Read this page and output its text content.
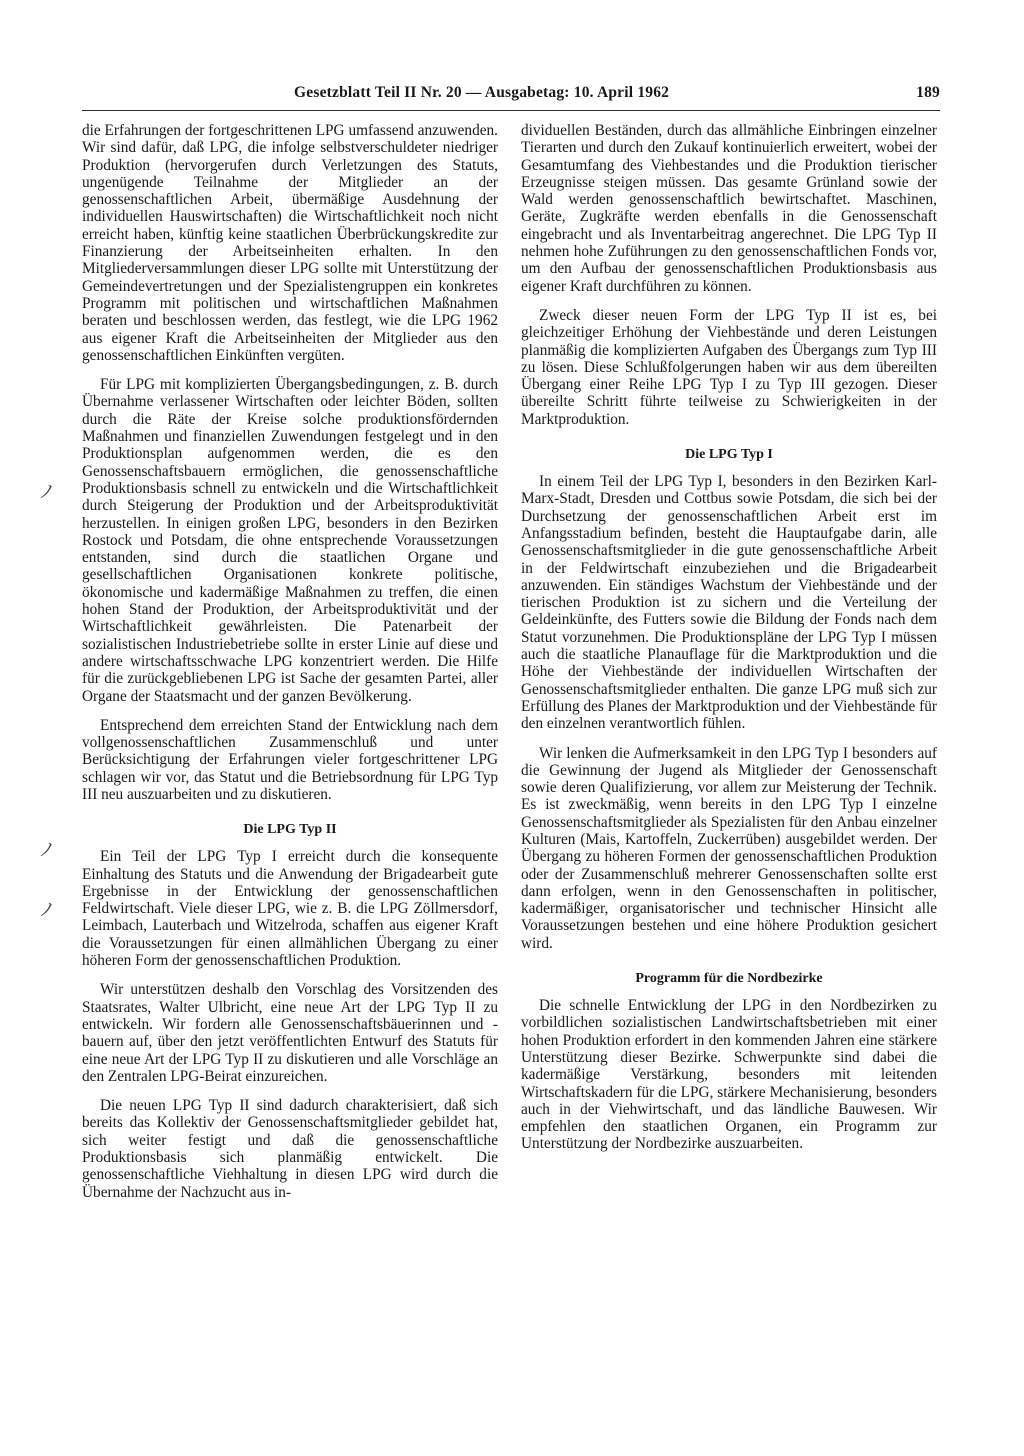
Gesetzblatt Teil II Nr. 20 — Ausgabetag: 10. April 1962	189

die Erfahrungen der fortgeschrittenen LPG umfassend anzuwenden. Wir sind dafür, daß LPG, die infolge selbstverschuldeter niedriger Produktion (hervorgerufen durch Verletzungen des Statuts, ungenügende Teilnahme der Mitglieder an der genossenschaftlichen Arbeit, übermäßige Ausdehnung der individuellen Hauswirtschaften) die Wirtschaftlichkeit noch nicht erreicht haben, künftig keine staatlichen Überbrückungskredite zur Finanzierung der Arbeitseinheiten erhalten. In den Mitgliederversammlungen dieser LPG sollte mit Unterstützung der Gemeindevertretungen und der Spezialistengruppen ein konkretes Programm mit politischen und wirtschaftlichen Maßnahmen beraten und beschlossen werden, das festlegt, wie die LPG 1962 aus eigener Kraft die Arbeitseinheiten der Mitglieder aus den genossenschaftlichen Einkünften vergüten.

Für LPG mit komplizierten Übergangsbedingungen, z. B. durch Übernahme verlassener Wirtschaften oder leichter Böden, sollten durch die Räte der Kreise solche produktionsfördernden Maßnahmen und finanziellen Zuwendungen festgelegt und in den Produktionsplan aufgenommen werden, die es den Genossenschaftsbauern ermöglichen, die genossenschaftliche Produktionsbasis schnell zu entwickeln und die Wirtschaftlichkeit durch Steigerung der Produktion und der Arbeitsproduktivität herzustellen. In einigen großen LPG, besonders in den Bezirken Rostock und Potsdam, die ohne entsprechende Voraussetzungen entstanden, sind durch die staatlichen Organe und gesellschaftlichen Organisationen konkrete politische, ökonomische und kadermäßige Maßnahmen zu treffen, die einen hohen Stand der Produktion, der Arbeitsproduktivität und der Wirtschaftlichkeit gewährleisten. Die Patenarbeit der sozialistischen Industriebetriebe sollte in erster Linie auf diese und andere wirtschaftsschwache LPG konzentriert werden. Die Hilfe für die zurückgebliebenen LPG ist Sache der gesamten Partei, aller Organe der Staatsmacht und der ganzen Bevölkerung.

Entsprechend dem erreichten Stand der Entwicklung nach dem vollgenossenschaftlichen Zusammenschluß und unter Berücksichtigung der Erfahrungen vieler fortgeschrittener LPG schlagen wir vor, das Statut und die Betriebsordnung für LPG Typ III neu auszuarbeiten und zu diskutieren.

Die LPG Typ II

Ein Teil der LPG Typ I erreicht durch die konsequente Einhaltung des Statuts und die Anwendung der Brigadearbeit gute Ergebnisse in der Entwicklung der genossenschaftlichen Feldwirtschaft. Viele dieser LPG, wie z. B. die LPG Zöllmersdorf, Leimbach, Lauterbach und Witzelroda, schaffen aus eigener Kraft die Voraussetzungen für einen allmählichen Übergang zu einer höheren Form der genossenschaftlichen Produktion.

Wir unterstützen deshalb den Vorschlag des Vorsitzenden des Staatsrates, Walter Ulbricht, eine neue Art der LPG Typ II zu entwickeln. Wir fordern alle Genossenschaftsbäuerinnen und -bauern auf, über den jetzt veröffentlichten Entwurf des Statuts für eine neue Art der LPG Typ II zu diskutieren und alle Vorschläge an den Zentralen LPG-Beirat einzureichen.

Die neuen LPG Typ II sind dadurch charakterisiert, daß sich bereits das Kollektiv der Genossenschaftsmitglieder gebildet hat, sich weiter festigt und daß die genossenschaftliche Produktionsbasis sich planmäßig entwickelt. Die genossenschaftliche Viehhaltung in diesen LPG wird durch die Übernahme der Nachzucht aus in-

dividuellen Beständen, durch das allmähliche Einbringen einzelner Tierarten und durch den Zukauf kontinuierlich erweitert, wobei der Gesamtumfang des Viehbestandes und die Produktion tierischer Erzeugnisse steigen müssen. Das gesamte Grünland sowie der Wald werden genossenschaftlich bewirtschaftet. Maschinen, Geräte, Zugkräfte werden ebenfalls in die Genossenschaft eingebracht und als Inventarbeitrag angerechnet. Die LPG Typ II nehmen hohe Zuführungen zu den genossenschaftlichen Fonds vor, um den Aufbau der genossenschaftlichen Produktionsbasis aus eigener Kraft durchführen zu können.

Zweck dieser neuen Form der LPG Typ II ist es, bei gleichzeitiger Erhöhung der Viehbestände und deren Leistungen planmäßig die komplizierten Aufgaben des Übergangs zum Typ III zu lösen. Diese Schlußfolgerungen haben wir aus dem übereilten Übergang einer Reihe LPG Typ I zu Typ III gezogen. Dieser übereilte Schritt führte teilweise zu Schwierigkeiten in der Marktproduktion.

Die LPG Typ I

In einem Teil der LPG Typ I, besonders in den Bezirken Karl-Marx-Stadt, Dresden und Cottbus sowie Potsdam, die sich bei der Durchsetzung der genossenschaftlichen Arbeit erst im Anfangsstadium befinden, besteht die Hauptaufgabe darin, alle Genossenschaftsmitglieder in die gute genossenschaftliche Arbeit in der Feldwirtschaft einzubeziehen und die Brigadearbeit anzuwenden. Ein ständiges Wachstum der Viehbestände und der tierischen Produktion ist zu sichern und die Verteilung der Geldeinkünfte, des Futters sowie die Bildung der Fonds nach dem Statut vorzunehmen. Die Produktionspläne der LPG Typ I müssen auch die staatliche Planauflage für die Marktproduktion und die Höhe der Viehbestände der individuellen Wirtschaften der Genossenschaftsmitglieder enthalten. Die ganze LPG muß sich zur Erfüllung des Planes der Marktproduktion und der Viehbestände für den einzelnen verantwortlich fühlen.

Wir lenken die Aufmerksamkeit in den LPG Typ I besonders auf die Gewinnung der Jugend als Mitglieder der Genossenschaft sowie deren Qualifizierung, vor allem zur Meisterung der Technik. Es ist zweckmäßig, wenn bereits in den LPG Typ I einzelne Genossenschaftsmitglieder als Spezialisten für den Anbau einzelner Kulturen (Mais, Kartoffeln, Zuckerrüben) ausgebildet werden. Der Übergang zu höheren Formen der genossenschaftlichen Produktion oder der Zusammenschluß mehrerer Genossenschaften sollte erst dann erfolgen, wenn in den Genossenschaften in politischer, kadermäßiger, organisatorischer und technischer Hinsicht alle Voraussetzungen bestehen und eine höhere Produktion gesichert wird.

Programm für die Nordbezirke

Die schnelle Entwicklung der LPG in den Nordbezirken zu vorbildlichen sozialistischen Landwirtschaftsbetrieben mit einer hohen Produktion erfordert in den kommenden Jahren eine stärkere Unterstützung dieser Bezirke. Schwerpunkte sind dabei die kadermäßige Verstärkung, besonders mit leitenden Wirtschaftskadern für die LPG, stärkere Mechanisierung, besonders auch in der Viehwirtschaft, und das ländliche Bauwesen. Wir empfehlen den staatlichen Organen, ein Programm zur Unterstützung der Nordbezirke auszuarbeiten.

ノ
ノ
ノ
